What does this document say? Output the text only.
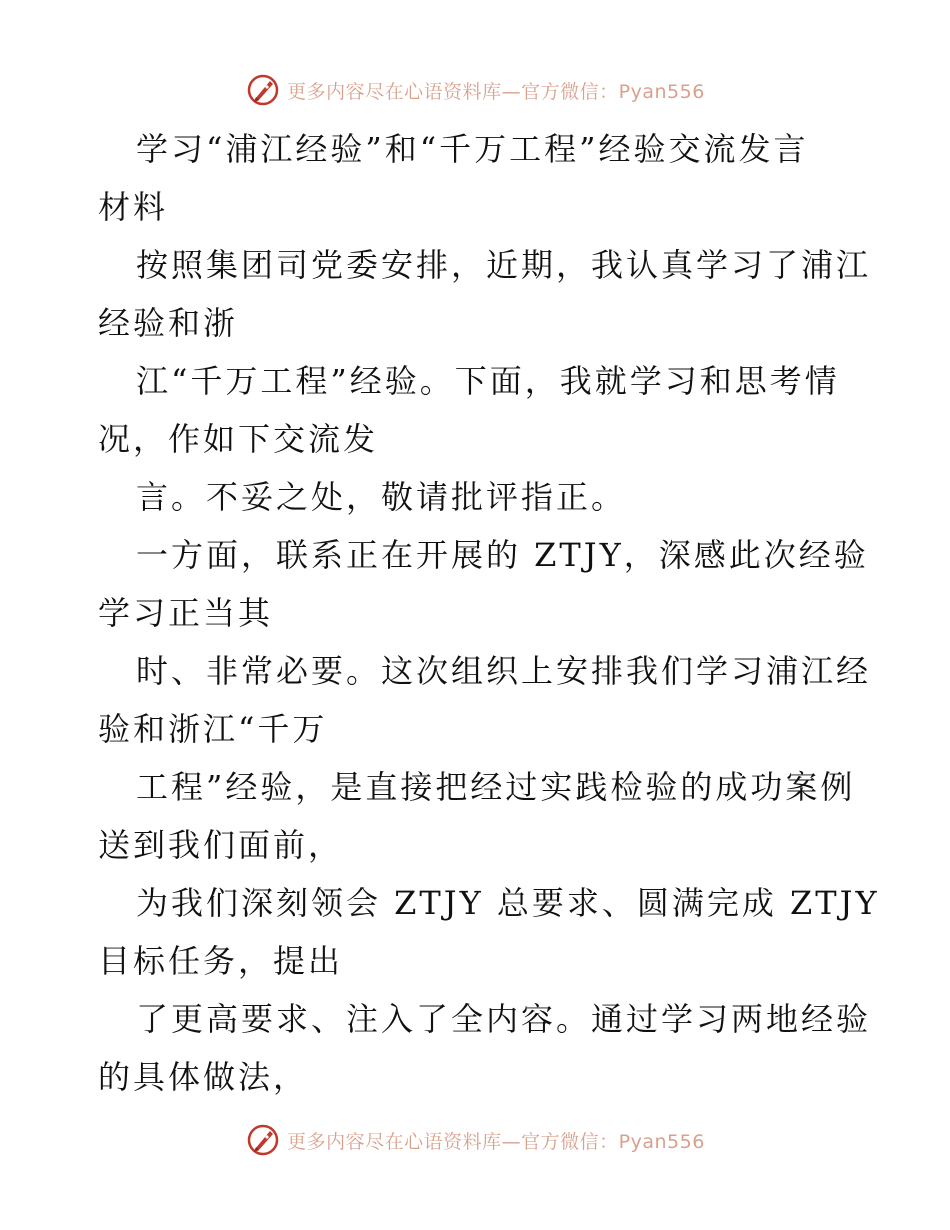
更多内容尽在心语资料库—官方微信：Pyan556
学习“浦江经验”和“千万工程”经验交流发言
材料
按照集团司党委安排，近期，我认真学习了浦江
经验和浙
江“千万工程”经验。下面，我就学习和思考情
况，作如下交流发
言。不妥之处，敬请批评指正。
一方面，联系正在开展的 ZTJY，深感此次经验
学习正当其
时、非常必要。这次组织上安排我们学习浦江经
验和浙江“千万
工程”经验，是直接把经过实践检验的成功案例
送到我们面前，
为我们深刻领会 ZTJY 总要求、圆满完成 ZTJY
目标任务，提出
了更高要求、注入了全内容。通过学习两地经验
的具体做法，
更多内容尽在心语资料库—官方微信：Pyan556
